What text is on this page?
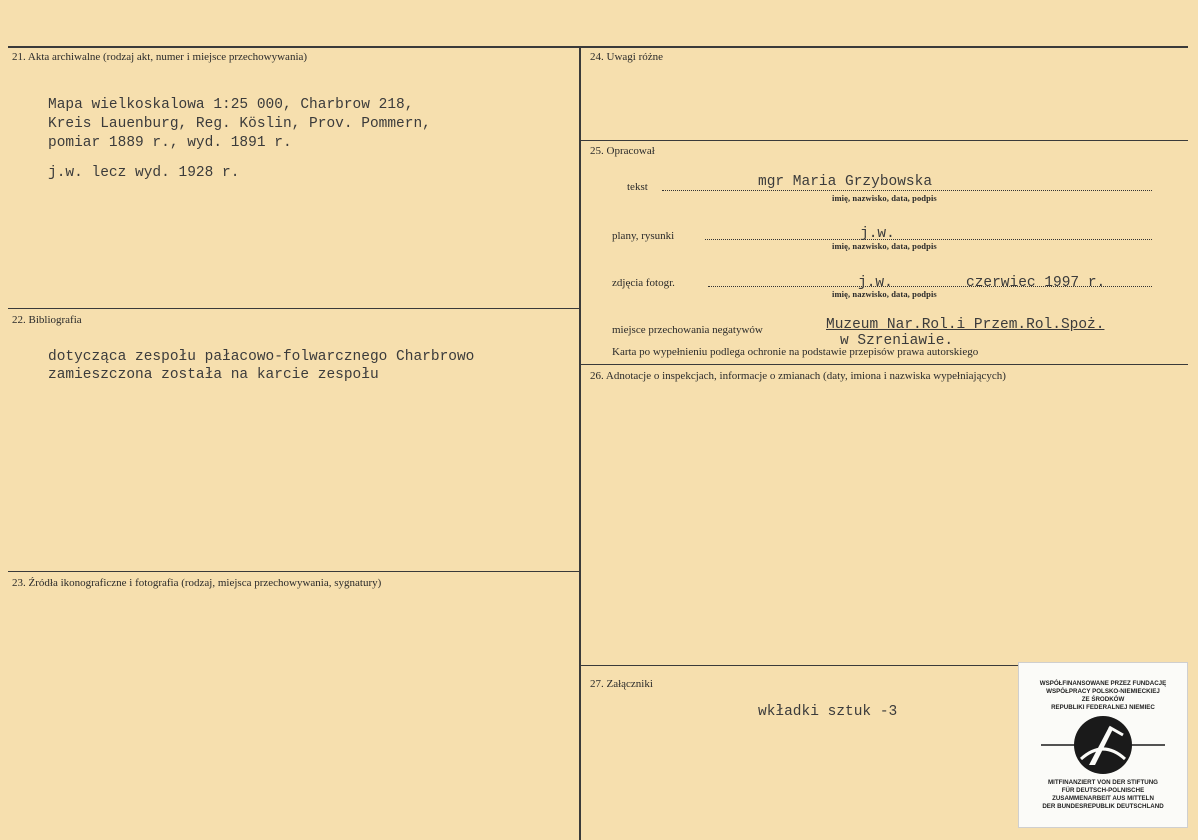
21. Akta archiwalne (rodzaj akt, numer i miejsce przechowywania)
Mapa wielkoskalowa 1:25 000, Charbrow 218,
Kreis Lauenburg, Reg. Köslin, Prov. Pommern,
pomiar 1889 r., wyd. 1891 r.
j.w. lecz wyd. 1928 r.
22. Bibliografia
dotycząca zespołu pałacowo-folwarcznego Charbrowo
zamieszczona została na karcie zespołu
23. Źródła ikonograficzne i fotografia (rodzaj, miejsca przechowywania, sygnatury)
24. Uwagi różne
25. Opracował
tekst	mgr Maria Grzybowska
imię, nazwisko, data, podpis
plany, rysunki	j.w.
imię, nazwisko, data, podpis
zdjęcia fotogr.	j.w.	czerwiec 1997 r.
imię, nazwisko, data, podpis
miejsce przechowania negatywów	Muzeum Nar.Rol.i Przem.Rol.Spoż.
w Szreniawie.
Karta po wypełnieniu podlega ochronie na podstawie przepisów prawa autorskiego
26. Adnotacje o inspekcjach, informacje o zmianach (daty, imiona i nazwiska wypełniających)
27. Załączniki
wkładki sztuk -3
WSPÓŁFINANSOWANE PRZEZ FUNDACJĘ
WSPÓŁPRACY POLSKO-NIEMIECKIEJ
ZE ŚRODKÓW
REPUBLIKI FEDERALNEJ NIEMIEC
MITFINANZIERT VON DER STIFTUNG
FÜR DEUTSCH-POLNISCHE
ZUSAMMENARBEIT AUS MITTELN
DER BUNDESREPUBLIK DEUTSCHLAND
